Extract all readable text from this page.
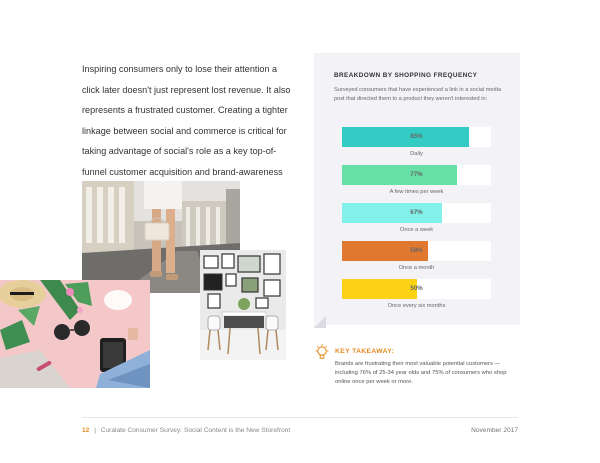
Inspiring consumers only to lose their attention a click later doesn't just represent lost revenue. It also represents a frustrated customer. Creating a tighter linkage between social and commerce is critical for taking advantage of social's role as a key top-of-funnel customer acquisition and brand-awareness

BREAKDOWN BY SHOPPING FREQUENCY
Surveyed consumers that have experienced a link in a social media post that directed them to a product they weren't interested in:
85%
Daily
77%
A few times per week
67%
Once a week
58%
Once a month
50%
Once every six months
KEY TAKEAWAY:
Brands are frustrating their most valuable potential customers — including 76% of 25-34 year olds and 75% of consumers who shop online once per week or more.
12 | Curalate Consumer Survey: Social Content is the New Storefront	November 2017
